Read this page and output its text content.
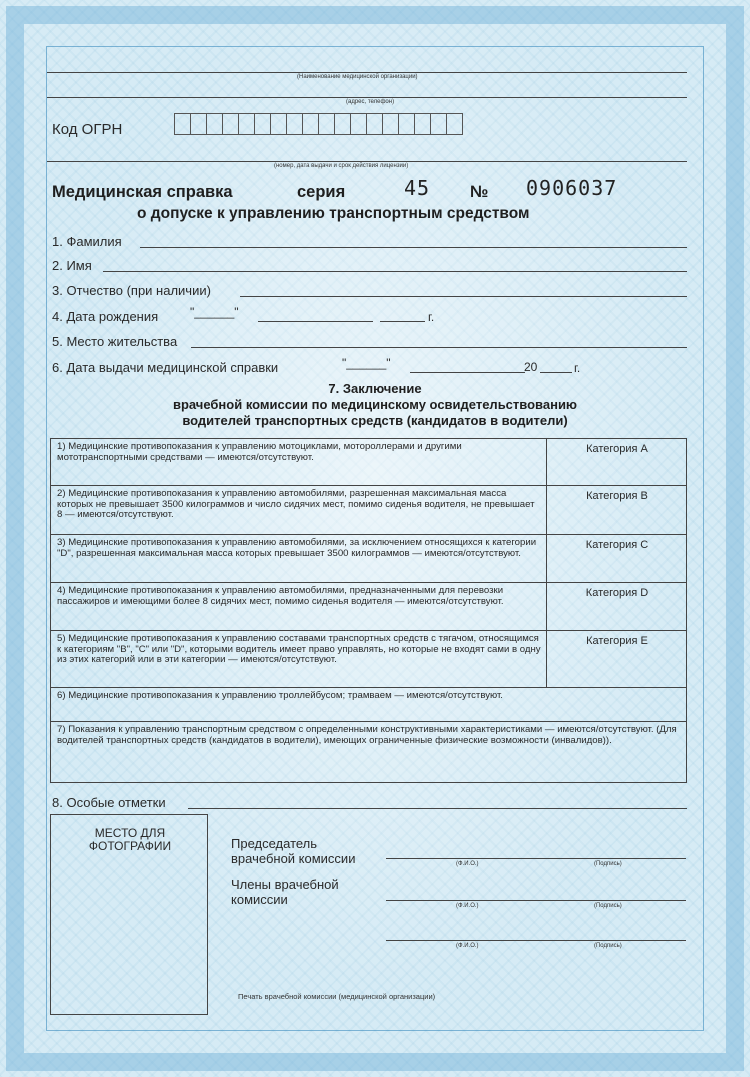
(Наименование медицинской организации)
(адрес, телефон)
Код ОГРН
(номер, дата выдачи и срок действия лицензии)
Медицинская справка	серия	45 № 0906037
о допуске к управлению транспортным средством
1. Фамилия
2. Имя
3. Отчество (при наличии)
4. Дата рождения	"______"	г.
5. Место жительства
6. Дата выдачи медицинской справки	"______"	20	г.
7. Заключение
врачебной комиссии по медицинскому освидетельствованию
водителей транспортных средств (кандидатов в водители)
1) Медицинские противопоказания к управлению мотоциклами, мотороллерами и другими мототранспортными средствами — имеются/отсутствуют.	Категория А
2) Медицинские противопоказания к управлению автомобилями, разрешенная максимальная масса которых не превышает 3500 килограммов и число сидячих мест, помимо сиденья водителя, не превышает 8 — имеются/отсутствуют.	Категория В
3) Медицинские противопоказания к управлению автомобилями, за исключением относящихся к категории "D", разрешенная максимальная масса которых превышает 3500 килограммов — имеются/отсутствуют.	Категория С
4) Медицинские противопоказания к управлению автомобилями, предназначенными для перевозки пассажиров и имеющими более 8 сидячих мест, помимо сиденья водителя — имеются/отсутствуют.	Категория D
5) Медицинские противопоказания к управлению составами транспортных средств с тягачом, относящимся к категориям "В", "С" или "D", которыми водитель имеет право управлять, но которые не входят сами в одну из этих категорий или в эти категории — имеются/отсутствуют.	Категория Е
6) Медицинские противопоказания к управлению троллейбусом; трамваем — имеются/отсутствуют.	
7) Показания к управлению транспортным средством с определенными конструктивными характеристиками — имеются/отсутствуют. (Для водителей транспортных средств (кандидатов в водители), имеющих ограниченные физические возможности (инвалидов)).	
8. Особые отметки
МЕСТО ДЛЯ ФОТОГРАФИИ	Председатель врачебной комиссии	(Ф.И.О.)	(Подпись)
Члены врачебной комиссии	(Ф.И.О.)	(Подпись)
(Ф.И.О.)	(Подпись)
Печать врачебной комиссии (медицинской организации)
